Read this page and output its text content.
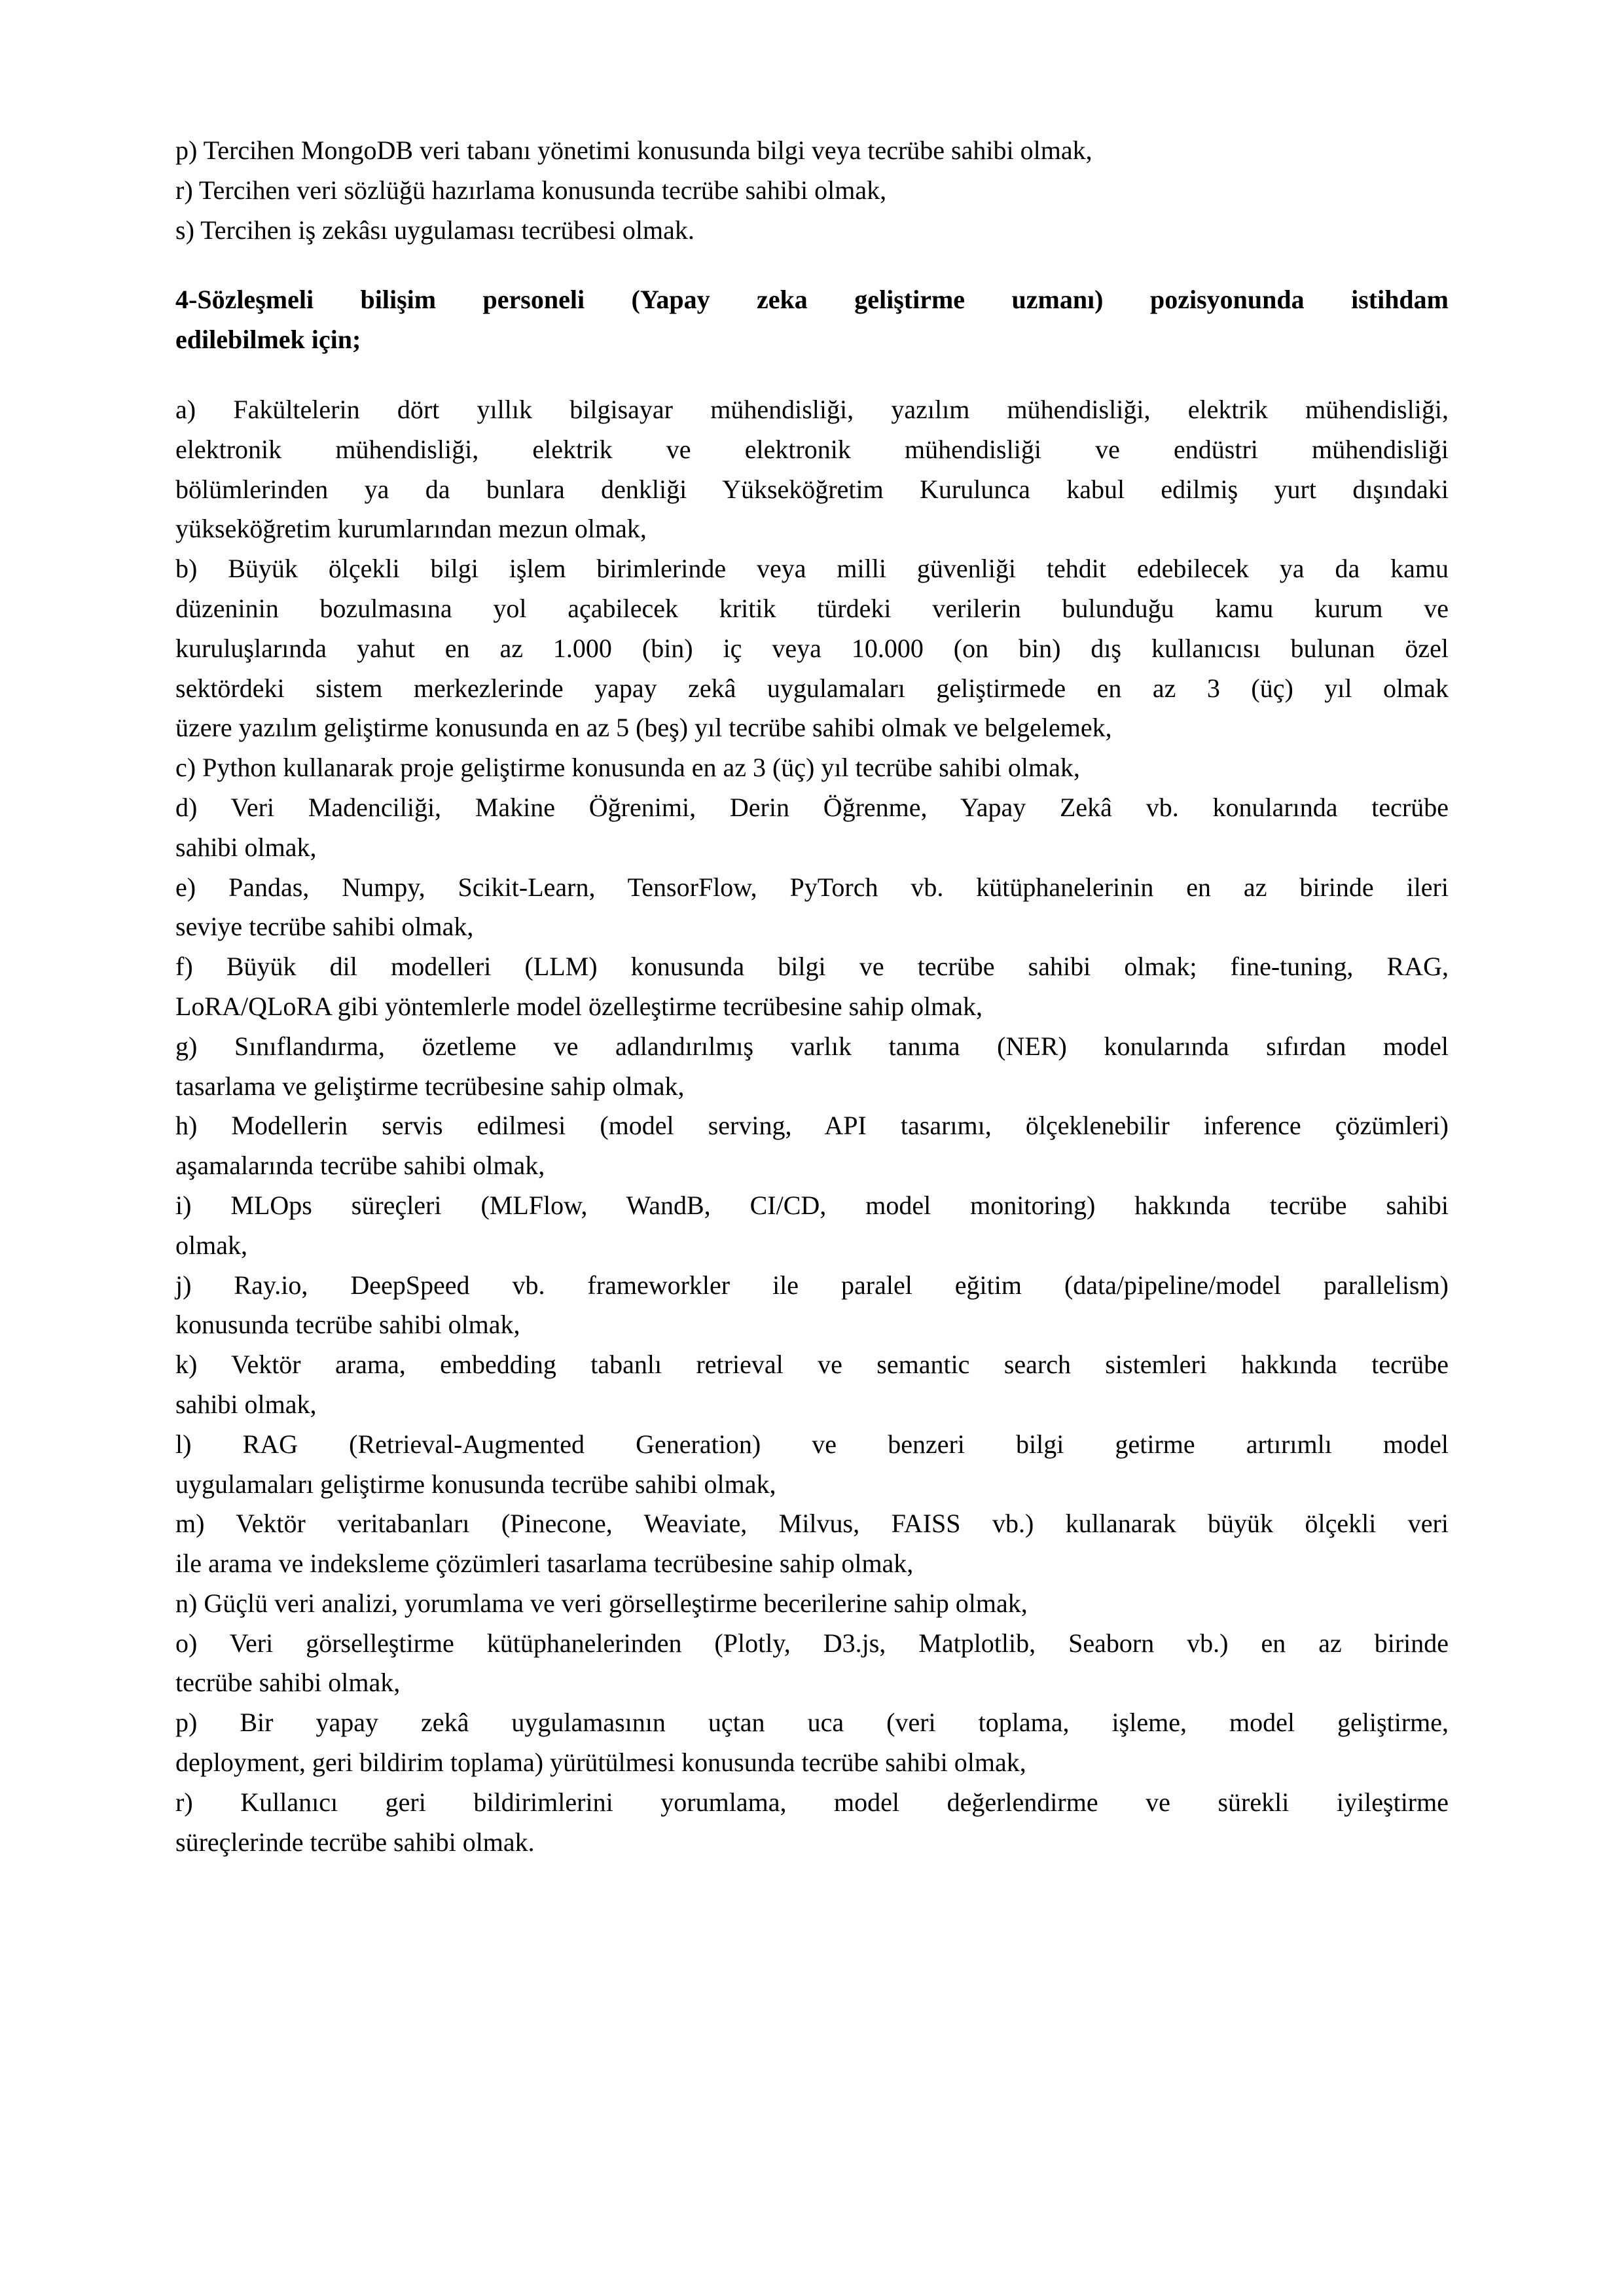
p) Tercihen MongoDB veri tabanı yönetimi konusunda bilgi veya tecrübe sahibi olmak,
r) Tercihen veri sözlüğü hazırlama konusunda tecrübe sahibi olmak,
s) Tercihen iş zekâsı uygulaması tecrübesi olmak.
4-Sözleşmeli bilişim personeli (Yapay zeka geliştirme uzmanı) pozisyonunda istihdam
edilebilmek için;
a) Fakültelerin dört yıllık bilgisayar mühendisliği, yazılım mühendisliği, elektrik mühendisliği,
elektronik mühendisliği, elektrik ve elektronik mühendisliği ve endüstri mühendisliği
bölümlerinden ya da bunlara denkliği Yükseköğretim Kurulunca kabul edilmiş yurt dışındaki
yükseköğretim kurumlarından mezun olmak,
b) Büyük ölçekli bilgi işlem birimlerinde veya milli güvenliği tehdit edebilecek ya da kamu
düzeninin bozulmasına yol açabilecek kritik türdeki verilerin bulunduğu kamu kurum ve
kuruluşlarında yahut en az 1.000 (bin) iç veya 10.000 (on bin) dış kullanıcısı bulunan özel
sektördeki sistem merkezlerinde yapay zekâ uygulamaları geliştirmede en az 3 (üç) yıl olmak
üzere yazılım geliştirme konusunda en az 5 (beş) yıl tecrübe sahibi olmak ve belgelemek,
c) Python kullanarak proje geliştirme konusunda en az 3 (üç) yıl tecrübe sahibi olmak,
d) Veri Madenciliği, Makine Öğrenimi, Derin Öğrenme, Yapay Zekâ vb. konularında tecrübe
sahibi olmak,
e) Pandas, Numpy, Scikit-Learn, TensorFlow, PyTorch vb. kütüphanelerinin en az birinde ileri
seviye tecrübe sahibi olmak,
f) Büyük dil modelleri (LLM) konusunda bilgi ve tecrübe sahibi olmak; fine-tuning, RAG,
LoRA/QLoRA gibi yöntemlerle model özelleştirme tecrübesine sahip olmak,
g) Sınıflandırma, özetleme ve adlandırılmış varlık tanıma (NER) konularında sıfırdan model
tasarlama ve geliştirme tecrübesine sahip olmak,
h) Modellerin servis edilmesi (model serving, API tasarımı, ölçeklenebilir inference çözümleri)
aşamalarında tecrübe sahibi olmak,
i) MLOps süreçleri (MLFlow, WandB, CI/CD, model monitoring) hakkında tecrübe sahibi
olmak,
j) Ray.io, DeepSpeed vb. frameworkler ile paralel eğitim (data/pipeline/model parallelism)
konusunda tecrübe sahibi olmak,
k) Vektör arama, embedding tabanlı retrieval ve semantic search sistemleri hakkında tecrübe
sahibi olmak,
l) RAG (Retrieval-Augmented Generation) ve benzeri bilgi getirme artırımlı model
uygulamaları geliştirme konusunda tecrübe sahibi olmak,
m) Vektör veritabanları (Pinecone, Weaviate, Milvus, FAISS vb.) kullanarak büyük ölçekli veri
ile arama ve indeksleme çözümleri tasarlama tecrübesine sahip olmak,
n) Güçlü veri analizi, yorumlama ve veri görselleştirme becerilerine sahip olmak,
o) Veri görselleştirme kütüphanelerinden (Plotly, D3.js, Matplotlib, Seaborn vb.) en az birinde
tecrübe sahibi olmak,
p) Bir yapay zekâ uygulamasının uçtan uca (veri toplama, işleme, model geliştirme,
deployment, geri bildirim toplama) yürütülmesi konusunda tecrübe sahibi olmak,
r) Kullanıcı geri bildirimlerini yorumlama, model değerlendirme ve sürekli iyileştirme
süreçlerinde tecrübe sahibi olmak.
